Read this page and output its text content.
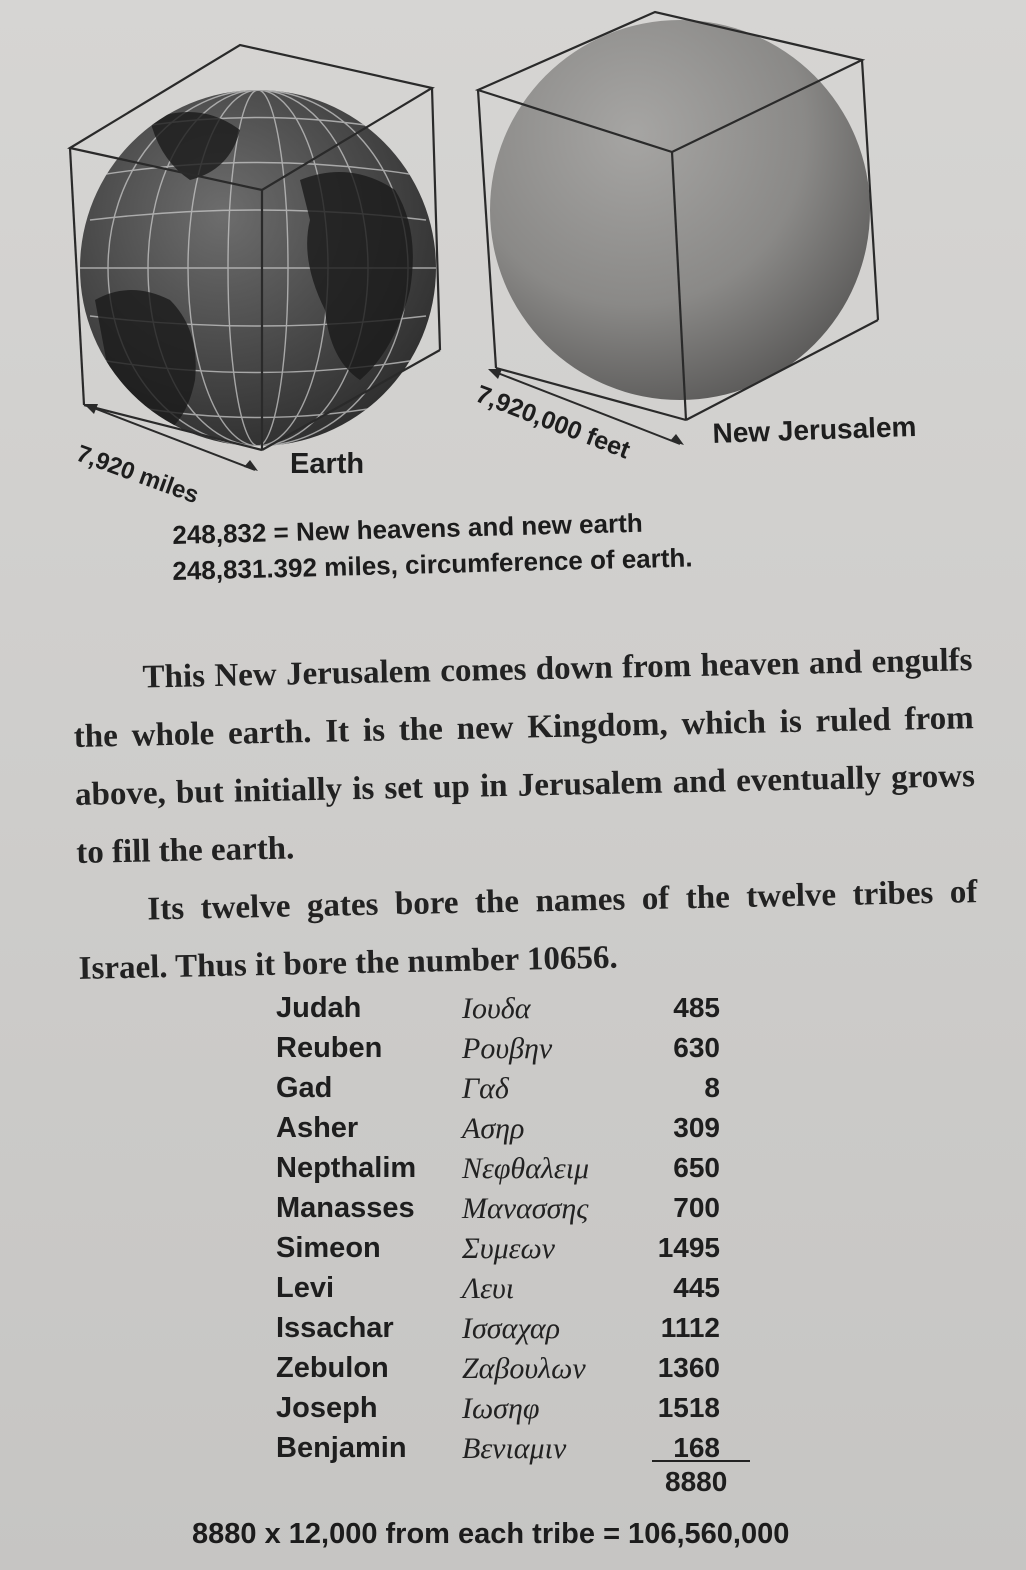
7,920 miles	Earth	7,920,000 feet	New Jerusalem
248,832 = New heavens and new earth
248,831.392 miles, circumference of earth.

This New Jerusalem comes down from heaven and engulfs the whole earth. It is the new Kingdom, which is ruled from above, but initially is set up in Jerusalem and eventually grows to fill the earth.

Its twelve gates bore the names of the twelve tribes of Israel. Thus it bore the number 10656.

Judah	Ιουδα	485
Reuben	Ρουβην	630
Gad	Γαδ	8
Asher	Ασηρ	309
Nepthalim Νεφθαλειμ	650
Manasses Μανασσης	700
Simeon	Συμεων	1495
Levi	Λευι	445
Issachar Ισσαχαρ	1112
Zebulon Ζαβουλων	1360
Joseph	Ιωσηφ	1518
Benjamin Βενιαμιν	168
8880
8880 x 12,000 from each tribe = 106,560,000
